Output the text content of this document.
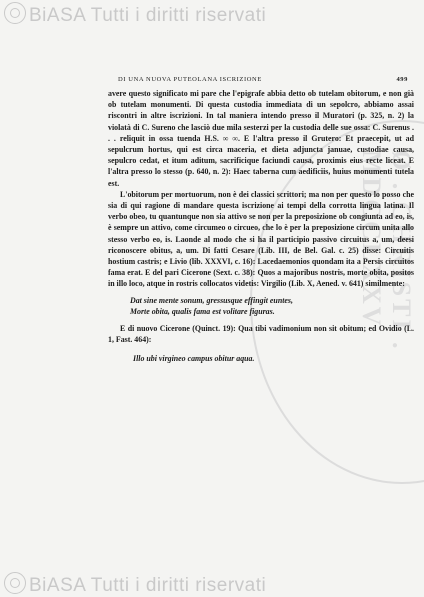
BiASA Tutti i diritti riservati
Ø . CHRISTI . MDCCLXXV
DI UNA NUOVA PUTEOLANA ISCRIZIONE	499

avere questo significato mi pare che l'epigrafe abbia detto ob tutelam obitorum, e non già ob tutelam monumenti. Di questa custodia immediata di un sepolcro, abbiamo assai riscontri in altre iscrizioni. In tal maniera intendo presso il Muratori (p. 325, n. 2) la violatà di C. Sureno che lasciò due mila sesterzi per la custodia delle sue ossa: C. Surenus . . . reliquit in ossa tuenda H.S. ∞ ∞. E l'altra presso il Grutero: Et praecepit, ut ad sepulcrum hortus, qui est circa maceria, et dieta adjuncta januae, custodiae causa, sepulcro cedat, et itum aditum, sacrificique faciundi causa, proximis eius recte liceat. E l'altra presso lo stesso (p. 640, n. 2): Haec taberna cum aedificiis, huius monumenti tutela est.

L'obitorum per mortuorum, non è dei classici scrittori; ma non per questo lo posso che sia di qui ragione di mandare questa iscrizione ai tempi della corrotta lingua latina. Il verbo obeo, tu quantunque non sia attivo se non per la preposizione ob congiunta ad eo, is, è sempre un attivo, come circumeo o circueo, che lo è per la preposizione circum unita allo stesso verbo eo, is. Laonde al modo che si ha il participio passivo circuitus a, um, deesi riconoscere obitus, a, um. Di fatti Cesare (Lib. III, de Bel. Gal. c. 25) disse: Circuitis hostium castris; e Livio (lib. XXXVI, c. 16): Lacedaemonios quondam ita a Persis circuitos fama erat. E del pari Cicerone (Sext. c. 38): Quos a majoribus nostris, morte obita, positos in illo loco, atque in rostris collocatos videtis: Virgilio (Lib. X, Aened. v. 641) similmente:

Dat sine mente sonum, gressusque effingit euntes,

Morte obita, qualis fama est volitare figuras.

E di nuovo Cicerone (Quinct. 19): Qua tibi vadimonium non sit obitum; ed Ovidio (L. 1, Fast. 464):

Illo ubi virgineo campus obitur aqua.

BiASA Tutti i diritti riservati
